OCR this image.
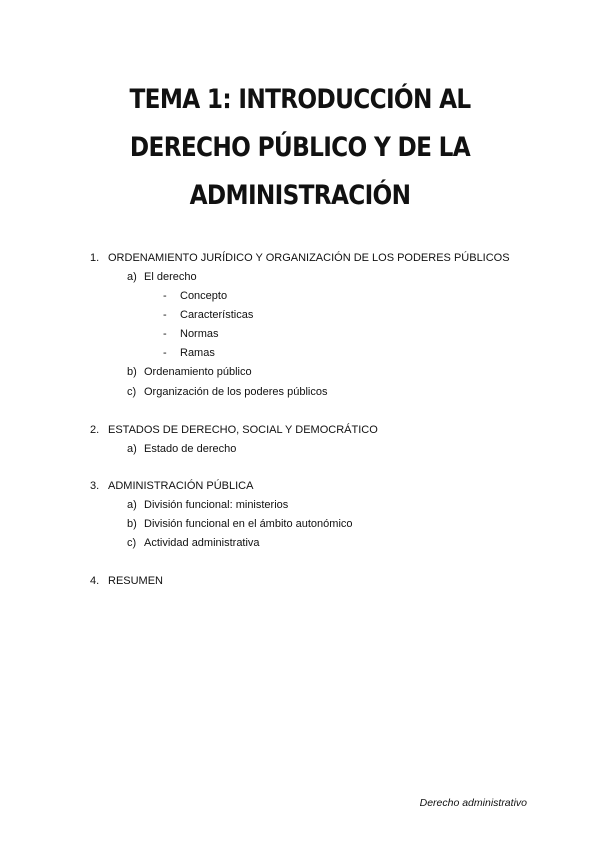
TEMA 1: INTRODUCCIÓN AL
DERECHO PÚBLICO Y DE LA
ADMINISTRACIÓN
1. ORDENAMIENTO JURÍDICO Y ORGANIZACIÓN DE LOS PODERES PÚBLICOS
a) El derecho
- Concepto
- Características
- Normas
- Ramas
b) Ordenamiento público
c) Organización de los poderes públicos
2. ESTADOS DE DERECHO, SOCIAL Y DEMOCRÁTICO
a) Estado de derecho
3. ADMINISTRACIÓN PÚBLICA
a) División funcional: ministerios
b) División funcional en el ámbito autonómico
c) Actividad administrativa
4. RESUMEN
Derecho administrativo
